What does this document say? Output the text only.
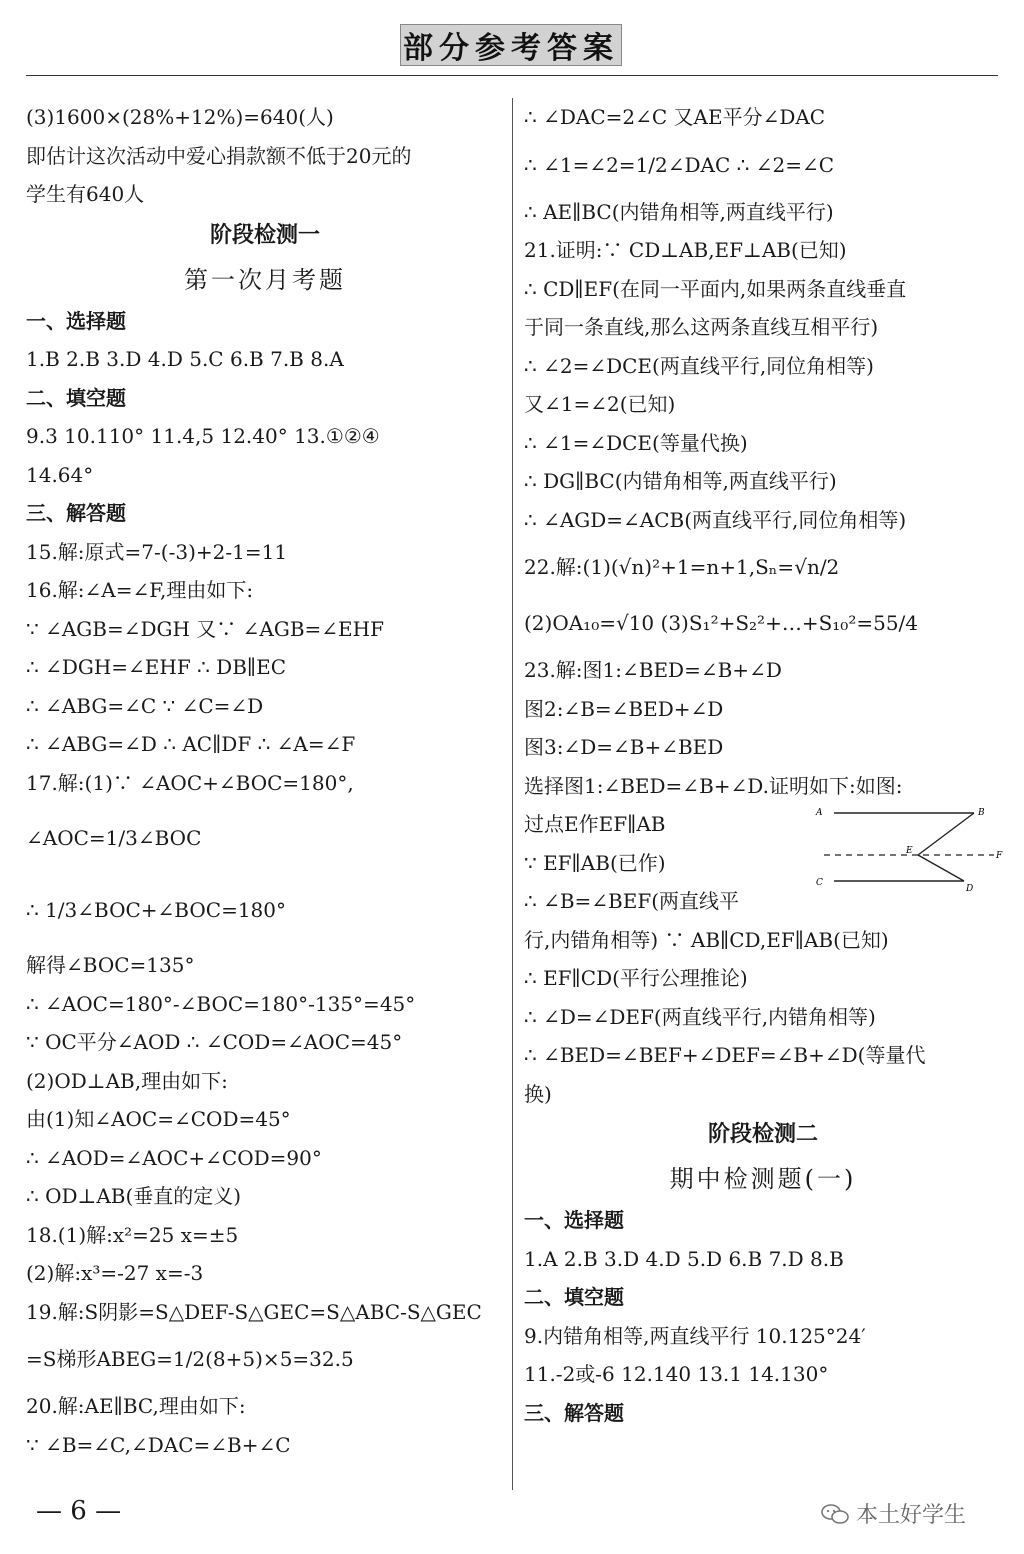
部分参考答案
(3)1600×(28%+12%)=640(人)
即估计这次活动中爱心捐款额不低于20元的
学生有640人
阶段检测一
第一次月考题
一、选择题
1.B 2.B 3.D 4.D 5.C 6.B 7.B 8.A
二、填空题
9.3 10.110° 11.4,5 12.40° 13.①②④
14.64°
三、解答题
15.解:原式=7-(-3)+2-1=11
16.解:∠A=∠F,理由如下:
∵ ∠AGB=∠DGH 又∵ ∠AGB=∠EHF
∴ ∠DGH=∠EHF ∴ DB∥EC
∴ ∠ABG=∠C ∵ ∠C=∠D
∴ ∠ABG=∠D ∴ AC∥DF ∴ ∠A=∠F
17.解:(1)∵ ∠AOC+∠BOC=180°,
∠AOC=1/3∠BOC
∴ 1/3∠BOC+∠BOC=180°
解得∠BOC=135°
∴ ∠AOC=180°-∠BOC=180°-135°=45°
∵ OC平分∠AOD ∴ ∠COD=∠AOC=45°
(2)OD⊥AB,理由如下:
由(1)知∠AOC=∠COD=45°
∴ ∠AOD=∠AOC+∠COD=90°
∴ OD⊥AB(垂直的定义)
18.(1)解:x²=25 x=±5
(2)解:x³=-27 x=-3
19.解:S阴影=S△DEF-S△GEC=S△ABC-S△GEC
=S梯形ABEG=1/2(8+5)×5=32.5
20.解:AE∥BC,理由如下:
∵ ∠B=∠C,∠DAC=∠B+∠C
∴ ∠DAC=2∠C 又AE平分∠DAC
∴ ∠1=∠2=1/2∠DAC ∴ ∠2=∠C
∴ AE∥BC(内错角相等,两直线平行)
21.证明:∵ CD⊥AB,EF⊥AB(已知)
∴ CD∥EF(在同一平面内,如果两条直线垂直
于同一条直线,那么这两条直线互相平行)
∴ ∠2=∠DCE(两直线平行,同位角相等)
又∠1=∠2(已知)
∴ ∠1=∠DCE(等量代换)
∴ DG∥BC(内错角相等,两直线平行)
∴ ∠AGD=∠ACB(两直线平行,同位角相等)
22.解:(1)(√n)²+1=n+1,Sₙ=√n/2
(2)OA₁₀=√10 (3)S₁²+S₂²+…+S₁₀²=55/4
23.解:图1:∠BED=∠B+∠D
图2:∠B=∠BED+∠D
图3:∠D=∠B+∠BED
选择图1:∠BED=∠B+∠D.证明如下:如图:
A	B
E	F
C
D
过点E作EF∥AB
∵ EF∥AB(已作)
∴ ∠B=∠BEF(两直线平
行,内错角相等) ∵ AB∥CD,EF∥AB(已知)
∴ EF∥CD(平行公理推论)
∴ ∠D=∠DEF(两直线平行,内错角相等)
∴ ∠BED=∠BEF+∠DEF=∠B+∠D(等量代
换)
阶段检测二
期中检测题(一)
一、选择题
1.A 2.B 3.D 4.D 5.D 6.B 7.D 8.B
二、填空题
9.内错角相等,两直线平行 10.125°24′
11.-2或-6 12.140 13.1 14.130°
三、解答题
— 6 —	本土好学生
